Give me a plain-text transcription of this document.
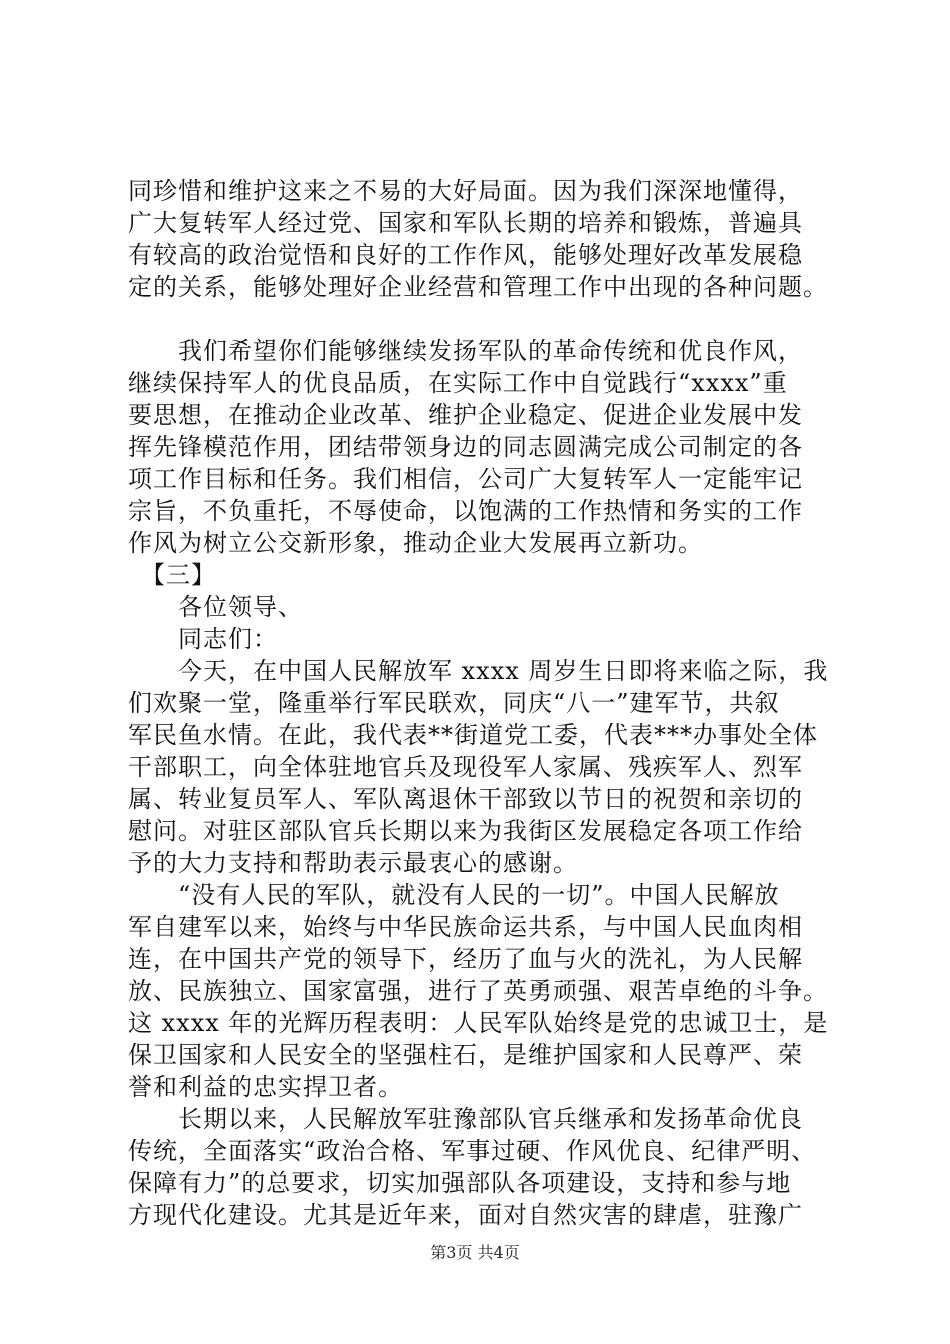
同珍惜和维护这来之不易的大好局面。因为我们深深地懂得，
广大复转军人经过党、国家和军队长期的培养和锻炼，普遍具
有较高的政治觉悟和良好的工作作风，能够处理好改革发展稳
定的关系，能够处理好企业经营和管理工作中出现的各种问题。
　　我们希望你们能够继续发扬军队的革命传统和优良作风，
继续保持军人的优良品质，在实际工作中自觉践行“xxxx”重
要思想，在推动企业改革、维护企业稳定、促进企业发展中发
挥先锋模范作用，团结带领身边的同志圆满完成公司制定的各
项工作目标和任务。我们相信，公司广大复转军人一定能牢记
宗旨，不负重托，不辱使命，以饱满的工作热情和务实的工作
作风为树立公交新形象，推动企业大发展再立新功。
　【三】
　　各位领导、
　　同志们：
　　今天，在中国人民解放军 xxxx 周岁生日即将来临之际，我
们欢聚一堂，隆重举行军民联欢，同庆“八一”建军节，共叙
军民鱼水情。在此，我代表**街道党工委，代表***办事处全体
干部职工，向全体驻地官兵及现役军人家属、残疾军人、烈军
属、转业复员军人、军队离退休干部致以节日的祝贺和亲切的
慰问。对驻区部队官兵长期以来为我街区发展稳定各项工作给
予的大力支持和帮助表示最衷心的感谢。
　　“没有人民的军队，就没有人民的一切”。中国人民解放
军自建军以来，始终与中华民族命运共系，与中国人民血肉相
连，在中国共产党的领导下，经历了血与火的洗礼，为人民解
放、民族独立、国家富强，进行了英勇顽强、艰苦卓绝的斗争。
这 xxxx 年的光辉历程表明：人民军队始终是党的忠诚卫士，是
保卫国家和人民安全的坚强柱石，是维护国家和人民尊严、荣
誉和利益的忠实捍卫者。
　　长期以来，人民解放军驻豫部队官兵继承和发扬革命优良
传统，全面落实“政治合格、军事过硬、作风优良、纪律严明、
保障有力”的总要求，切实加强部队各项建设，支持和参与地
方现代化建设。尤其是近年来，面对自然灾害的肆虐，驻豫广
第3页 共4页
